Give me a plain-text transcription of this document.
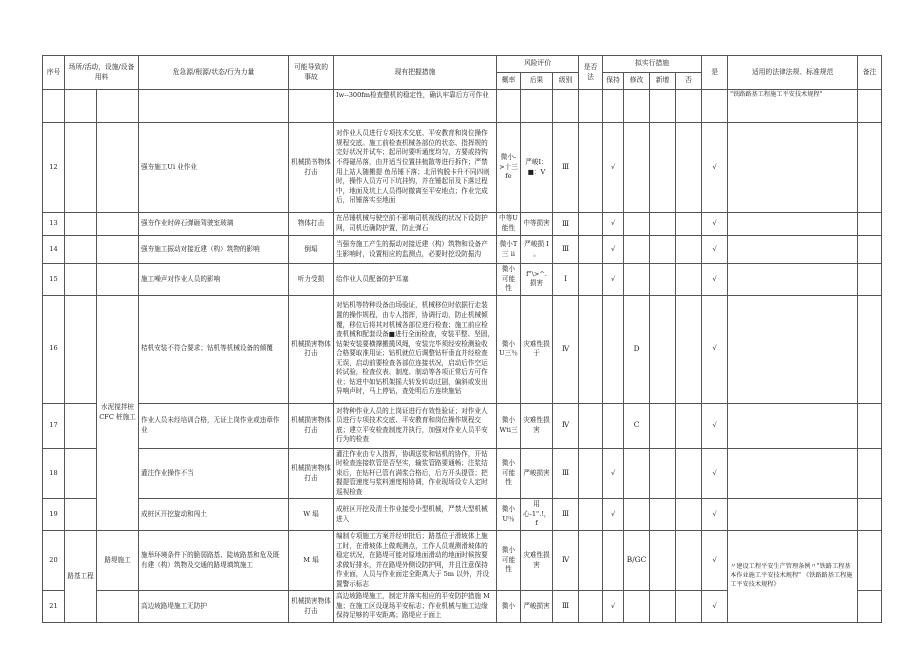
序号	场所/活动，设施/设备用料		危急源/根源/状态/行为力量	可能导致的事故	现有把握措施	风险评价			是否法	拟实行措施				是	适用的法律法规、标准规范	备注
						概率	后果	级别		保持	修改	新增	否			
					Iw--300fm检查整机的稳定性，确认牢靠后方可作业										"铁路路基工程施工平安技术规程"	
12			强夯施工Ui 业作业	机械损书物体打击	对作业人员进行专项技术交底、平安教育和岗位操作规程交底。施工前检查机械各部位的状态、指挥规的完好状况并试车；起吊时要听通度均匀，方要或持钩不得碰吊落，由并适当位置挂梳散等进行拆作；严禁用上站人随搬提 鱼吊锤下落；北吊钩脱卡升不同四则时，操作人员方可下坑挂钩，并在锤起吊及下落过程中，地面及坑上人员得时撤离至平安地点；作业完成后，吊锤落实至地面	微小->十三 fe	严峻I：■：V	Ⅲ		√				√		
13			强夯作业时碎石弹砸驾驶室玻璃	物体打击	在吊锤机械与驶空前不影响司机视线的状况下设防护网，司机近确防护置，防止弹石	中等U能性	中等损害	Ⅲ		√				√		
14			强夯施工振动对接近建（构）筑物的影响	倒塌	当强夯施工产生的振动对接近建（构）筑物和设备产生影响时，设置相应的监测点，必要时挖设防振沟	微小T三 ii	严峻损 I 。	Ⅲ		√				√		
15			施工噪声对作业人员的影响	听力受损	给作业人员配备防护耳塞	微小可能性	f"\>^.损害	I		√				√		
16		水泥搅拌桩CFC 桩施工	桔机安装不符合要求；钻机等机械设备的倾覆	机械损害物体打击	对钻机等特种设备由场验证，机械移位时依据行走装置的操作规程，由专人指挥，协调行动，防止机械倾覆，移位后将其对机械各部位进行检查；施工前应检查机械和配套设备■进行全面检查，安装平整、坚固，钻架安装要横撑搬揽风绳，安装完毕须经安检测验收合格要取准用证；钻机就位后调整钻杆垂直并经检查无误，启动前要检查各部位连接状况，启动后作空运转试验，检查仪表、制度、制动等各项正常后方可作业；钻进中如钻机架摇大转发转动过剧，偏斜或发出异响声时，马上停钻，查处明后方连续施钻	微小 U三％	灾难性损于	Ⅳ			D			√		
17			作业人员未经培训合格，无证上岗作业或违章作业	机械损害物体打击	对特种作业人员的上岗证进行有效性验证；对作业人员进行专项技术交底、平安教育和岗位操作规程交底；建立平安检查制度并执行，加强对作业人员平安行为的检查	微小Wti三	灾难性损害	Ⅳ			C			√		
18			灌注作业操作不当	机械损害物体打击	灌注作业由专人指挥，协调送浆和钻机的协作，开钻时检查连接软管是否坚实，输浆管路要通畅；注浆结束后，在钻杆已管有满浆合格后，后方开头提管；把握提管速度与浆料速度相协调，作业现场设专人定时巡视检查	微小可能性	严峻损害	Ⅲ		√				√		
19			成桩区开挖旋动和闯土	W 塌	成桩区开挖及清土作业接受小型机械，严禁大型机械进入	微小U％	用心-1".!，f	Ⅲ		√				√		
20	路基工程	路堤施工	施举环境条件下的脆弱路基、陡坡路基和危及既有建（构）筑物及交通的路堤填筑施工	M 塌	编制专项施工方案并经审批后；路基位于滑坡体上施工时，在滑坡体上做观测点，工作人员观测滑坡体的稳定状况，在路堤可能对原地面滑动的地面时候按要求做好排水，并在路堤外侧设防护网，并且注意保持作业面，人员与作业面定全距离大于 5m 以外，并设置警示标志	微小可能性	灾难性损害	Ⅳ			B/GC			√	〃建设工程平安生产管理条例〃"铁路工程基本作业施工平安技术规程" 《铁路路基工程施工平安技术规程》	
21			高边坡路堤施工无防护	机械损害物体打击	高边坡路堤施工，制定并落实相应的平安防护措施 M 施；在施工区设现场平安标志；作业机械与施工边缘保持足够的平安距离；路堤应于面上	微小	严峻损害	Ⅲ		√				√		
